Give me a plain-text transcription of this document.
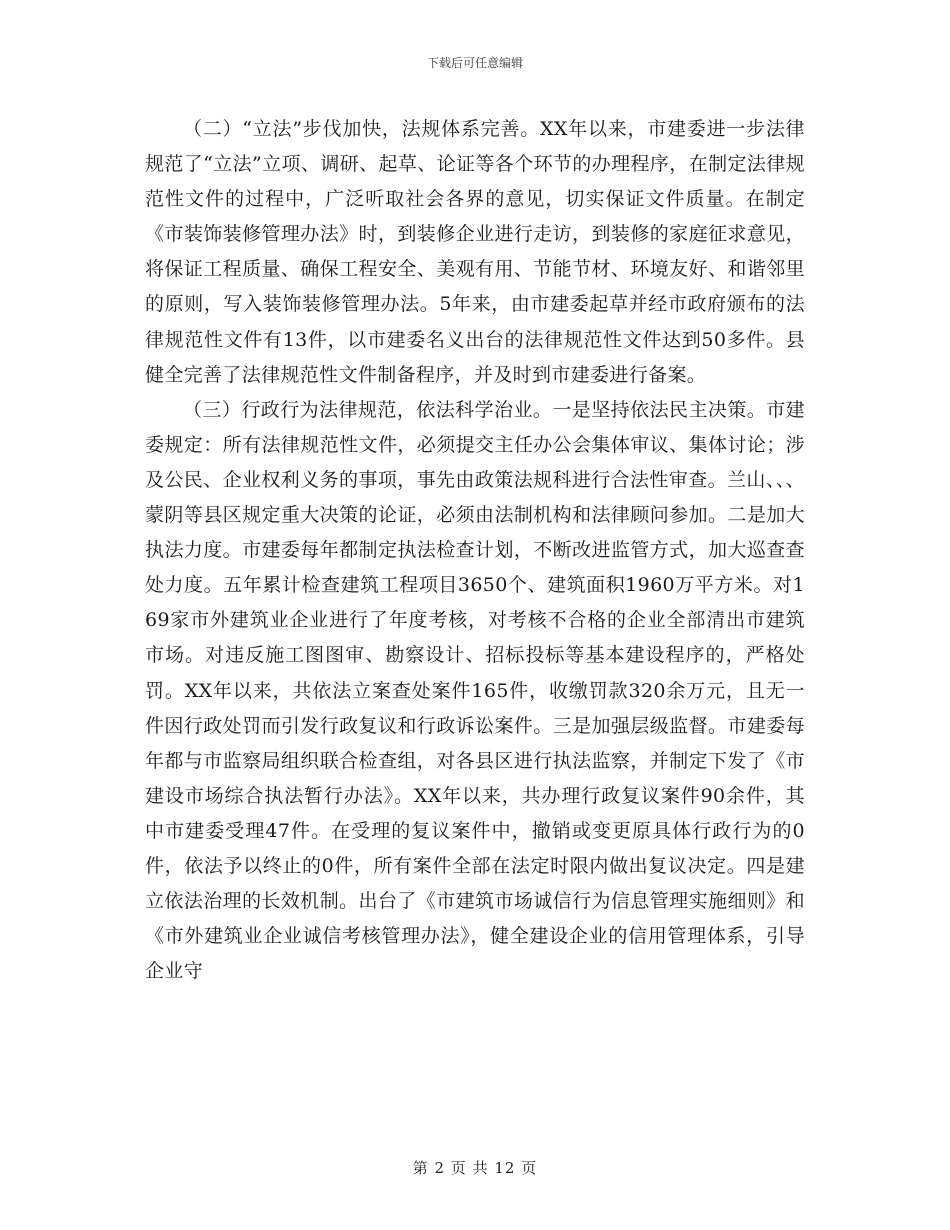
下载后可任意编辑

（二）“立法”步伐加快，法规体系完善。XX年以来，市建委进一步法律规范了“立法”立项、调研、起草、论证等各个环节的办理程序，在制定法律规范性文件的过程中，广泛听取社会各界的意见，切实保证文件质量。在制定《市装饰装修管理办法》时，到装修企业进行走访，到装修的家庭征求意见，将保证工程质量、确保工程安全、美观有用、节能节材、环境友好、和谐邻里的原则，写入装饰装修管理办法。5年来，由市建委起草并经市政府颁布的法律规范性文件有13件，以市建委名义出台的法律规范性文件达到50多件。县健全完善了法律规范性文件制备程序，并及时到市建委进行备案。

（三）行政行为法律规范，依法科学治业。一是坚持依法民主决策。市建委规定：所有法律规范性文件，必须提交主任办公会集体审议、集体讨论；涉及公民、企业权利义务的事项，事先由政策法规科进行合法性审查。兰山、、、蒙阴等县区规定重大决策的论证，必须由法制机构和法律顾问参加。二是加大执法力度。市建委每年都制定执法检查计划，不断改进监管方式，加大巡查查处力度。五年累计检查建筑工程项目3650个、建筑面积1960万平方米。对169家市外建筑业企业进行了年度考核，对考核不合格的企业全部清出市建筑市场。对违反施工图图审、勘察设计、招标投标等基本建设程序的，严格处罚。XX年以来，共依法立案查处案件165件，收缴罚款320余万元，且无一件因行政处罚而引发行政复议和行政诉讼案件。三是加强层级监督。市建委每年都与市监察局组织联合检查组，对各县区进行执法监察，并制定下发了《市建设市场综合执法暂行办法》。XX年以来，共办理行政复议案件90余件，其中市建委受理47件。在受理的复议案件中，撤销或变更原具体行政行为的0件，依法予以终止的0件，所有案件全部在法定时限内做出复议决定。四是建立依法治理的长效机制。出台了《市建筑市场诚信行为信息管理实施细则》和《市外建筑业企业诚信考核管理办法》，健全建设企业的信用管理体系，引导企业守

第 2 页 共 12 页
